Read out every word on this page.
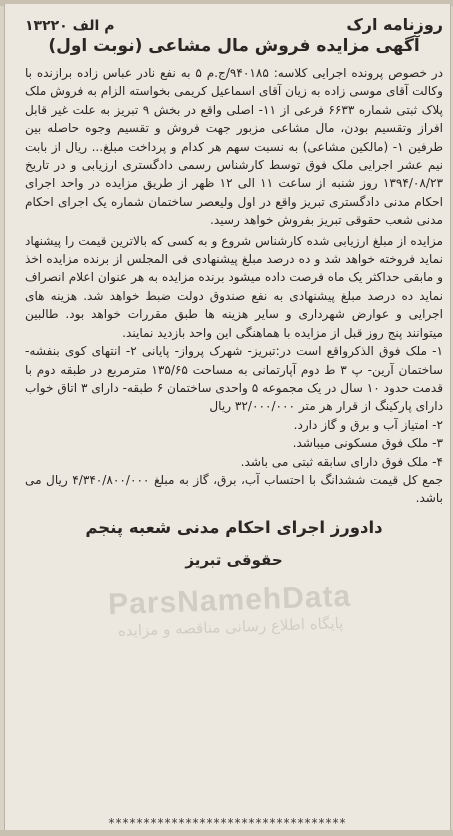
روزنامه ارک
م الف ۱۳۲۲۰
آگهی مزایده فروش مال مشاعی (نوبت اول)

در خصوص پرونده اجرایی کلاسه: ۹۴۰۱۸۵/ج.م ۵ به نفع نادر عباس زاده برازنده با وکالت آقای موسی زاده به زیان آقای اسماعیل کریمی بخواسته الزام به فروش ملک پلاک ثبتی شماره ۶۶۳۳ فرعی از ۱۱- اصلی واقع در بخش ۹ تبریز به علت غیر قابل افراز وتقسیم بودن، مال مشاعی مزبور جهت فروش و تقسیم وجوه حاصله بین طرفین ۱- (مالکین مشاعی) به نسبت سهم هر کدام و پرداخت مبلغ... ریال از بابت نیم عشر اجرایی ملک فوق توسط کارشناس رسمی دادگستری ارزیابی و در تاریخ ۱۳۹۴/۰۸/۲۳ روز شنبه از ساعت ۱۱ الی ۱۲ ظهر از طریق مزایده در واحد اجرای احکام مدنی دادگستری تبریز واقع در اول ولیعصر ساختمان شماره یک اجرای احکام مدنی شعب حقوقی تبریز بفروش خواهد رسید.

مزایده از مبلغ ارزیابی شده کارشناس شروع و به کسی که بالاترین قیمت را پیشنهاد نماید فروخته خواهد شد و ده درصد مبلغ پیشنهادی فی المجلس از برنده مزایده اخذ و مابقی حداکثر یک ماه فرصت داده میشود برنده مزایده به هر عنوان اعلام انصراف نماید ده درصد مبلغ پیشنهادی به نفع صندوق دولت ضبط خواهد شد. هزینه های اجرایی و عوارض شهرداری و سایر هزینه ها طبق مقررات خواهد بود. طالبین میتوانند پنج روز قبل از مزایده با هماهنگی این واحد بازدید نمایند.

۱- ملک فوق الذکرواقع است در:تبریز- شهرک پرواز- پایانی ۲- انتهای کوی بنفشه- ساختمان آرین- پ ۳ ط دوم آپارتمانی به مساحت ۱۳۵/۶۵ مترمربع در طبقه دوم با قدمت حدود ۱۰ سال در یک مجموعه ۵ واحدی ساختمان ۶ طبقه- دارای ۳ اتاق خواب دارای پارکینگ از قرار هر متر ۳۲/۰۰۰/۰۰۰ ریال

۲- امتیاز آب و برق و گاز دارد.

۳- ملک فوق مسکونی میباشد.

۴- ملک فوق دارای سابقه ثبتی می باشد.

جمع کل قیمت ششدانگ با احتساب آب، برق، گاز به مبلغ ۴/۳۴۰/۸۰۰/۰۰۰ ریال می باشد.

دادورز اجرای احکام مدنی شعبه پنجم
حقوقی تبریز
ParsNamehData
پایگاه اطلاع رسانی مناقصه و مزایده
**********************************
